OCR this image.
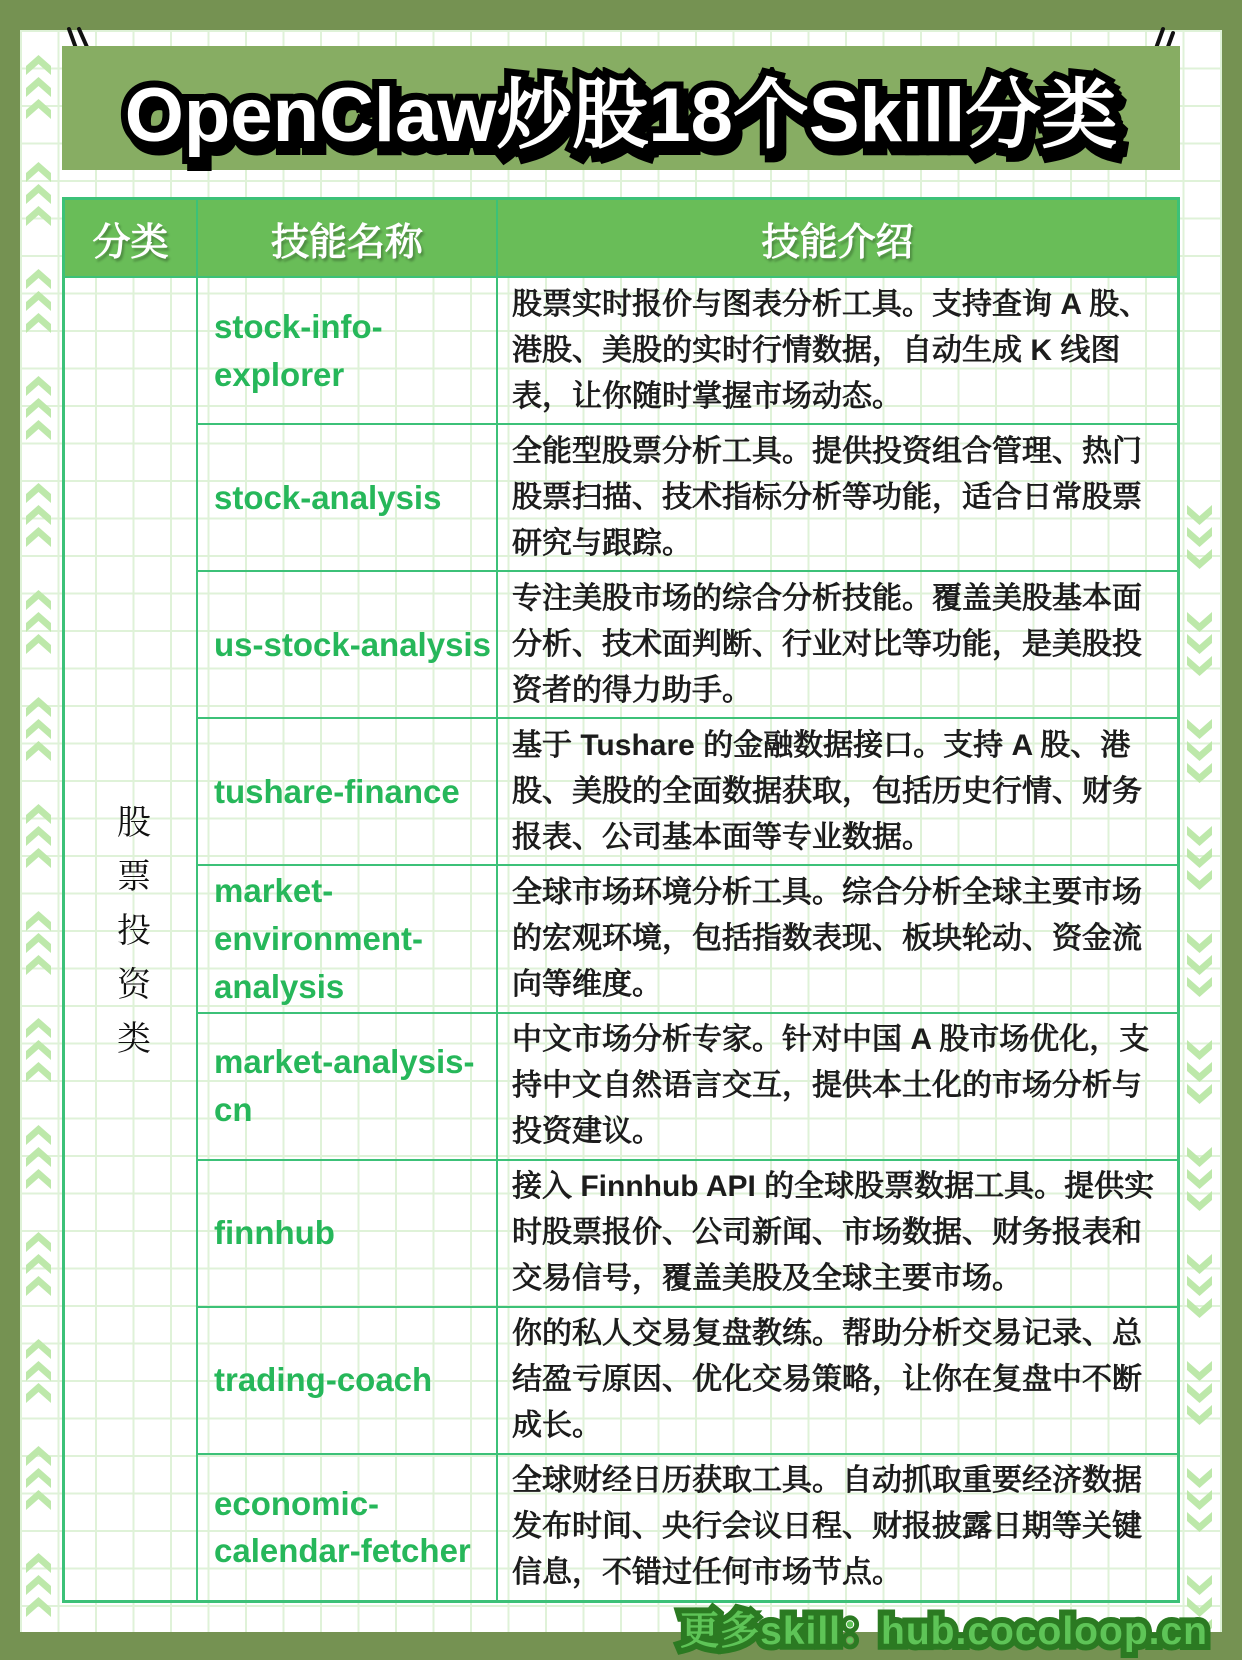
OpenClaw炒股18个Skill分类 OpenClaw炒股18个Skill分类
分类	技能名称	技能介绍
股票投资类
stock-info-explorer
股票实时报价与图表分析工具。支持查询 A 股、港股、美股的实时行情数据，自动生成 K 线图表，让你随时掌握市场动态。
stock-analysis
全能型股票分析工具。提供投资组合管理、热门股票扫描、技术指标分析等功能，适合日常股票研究与跟踪。
us-stock-analysis
专注美股市场的综合分析技能。覆盖美股基本面分析、技术面判断、行业对比等功能，是美股投资者的得力助手。
tushare-finance
基于 Tushare 的金融数据接口。支持 A 股、港股、美股的全面数据获取，包括历史行情、财务报表、公司基本面等专业数据。
market-environment-analysis
全球市场环境分析工具。综合分析全球主要市场的宏观环境，包括指数表现、板块轮动、资金流向等维度。
market-analysis-cn
中文市场分析专家。针对中国 A 股市场优化，支持中文自然语言交互，提供本土化的市场分析与投资建议。
finnhub
接入 Finnhub API 的全球股票数据工具。提供实时股票报价、公司新闻、市场数据、财务报表和交易信号，覆盖美股及全球主要市场。
trading-coach
你的私人交易复盘教练。帮助分析交易记录、总结盈亏原因、优化交易策略，让你在复盘中不断成长。
economic-calendar-fetcher
全球财经日历获取工具。自动抓取重要经济数据发布时间、央行会议日程、财报披露日期等关键信息，不错过任何市场节点。
更多skill：hub.cocoloop.cn 更多skill：hub.cocoloop.cn
